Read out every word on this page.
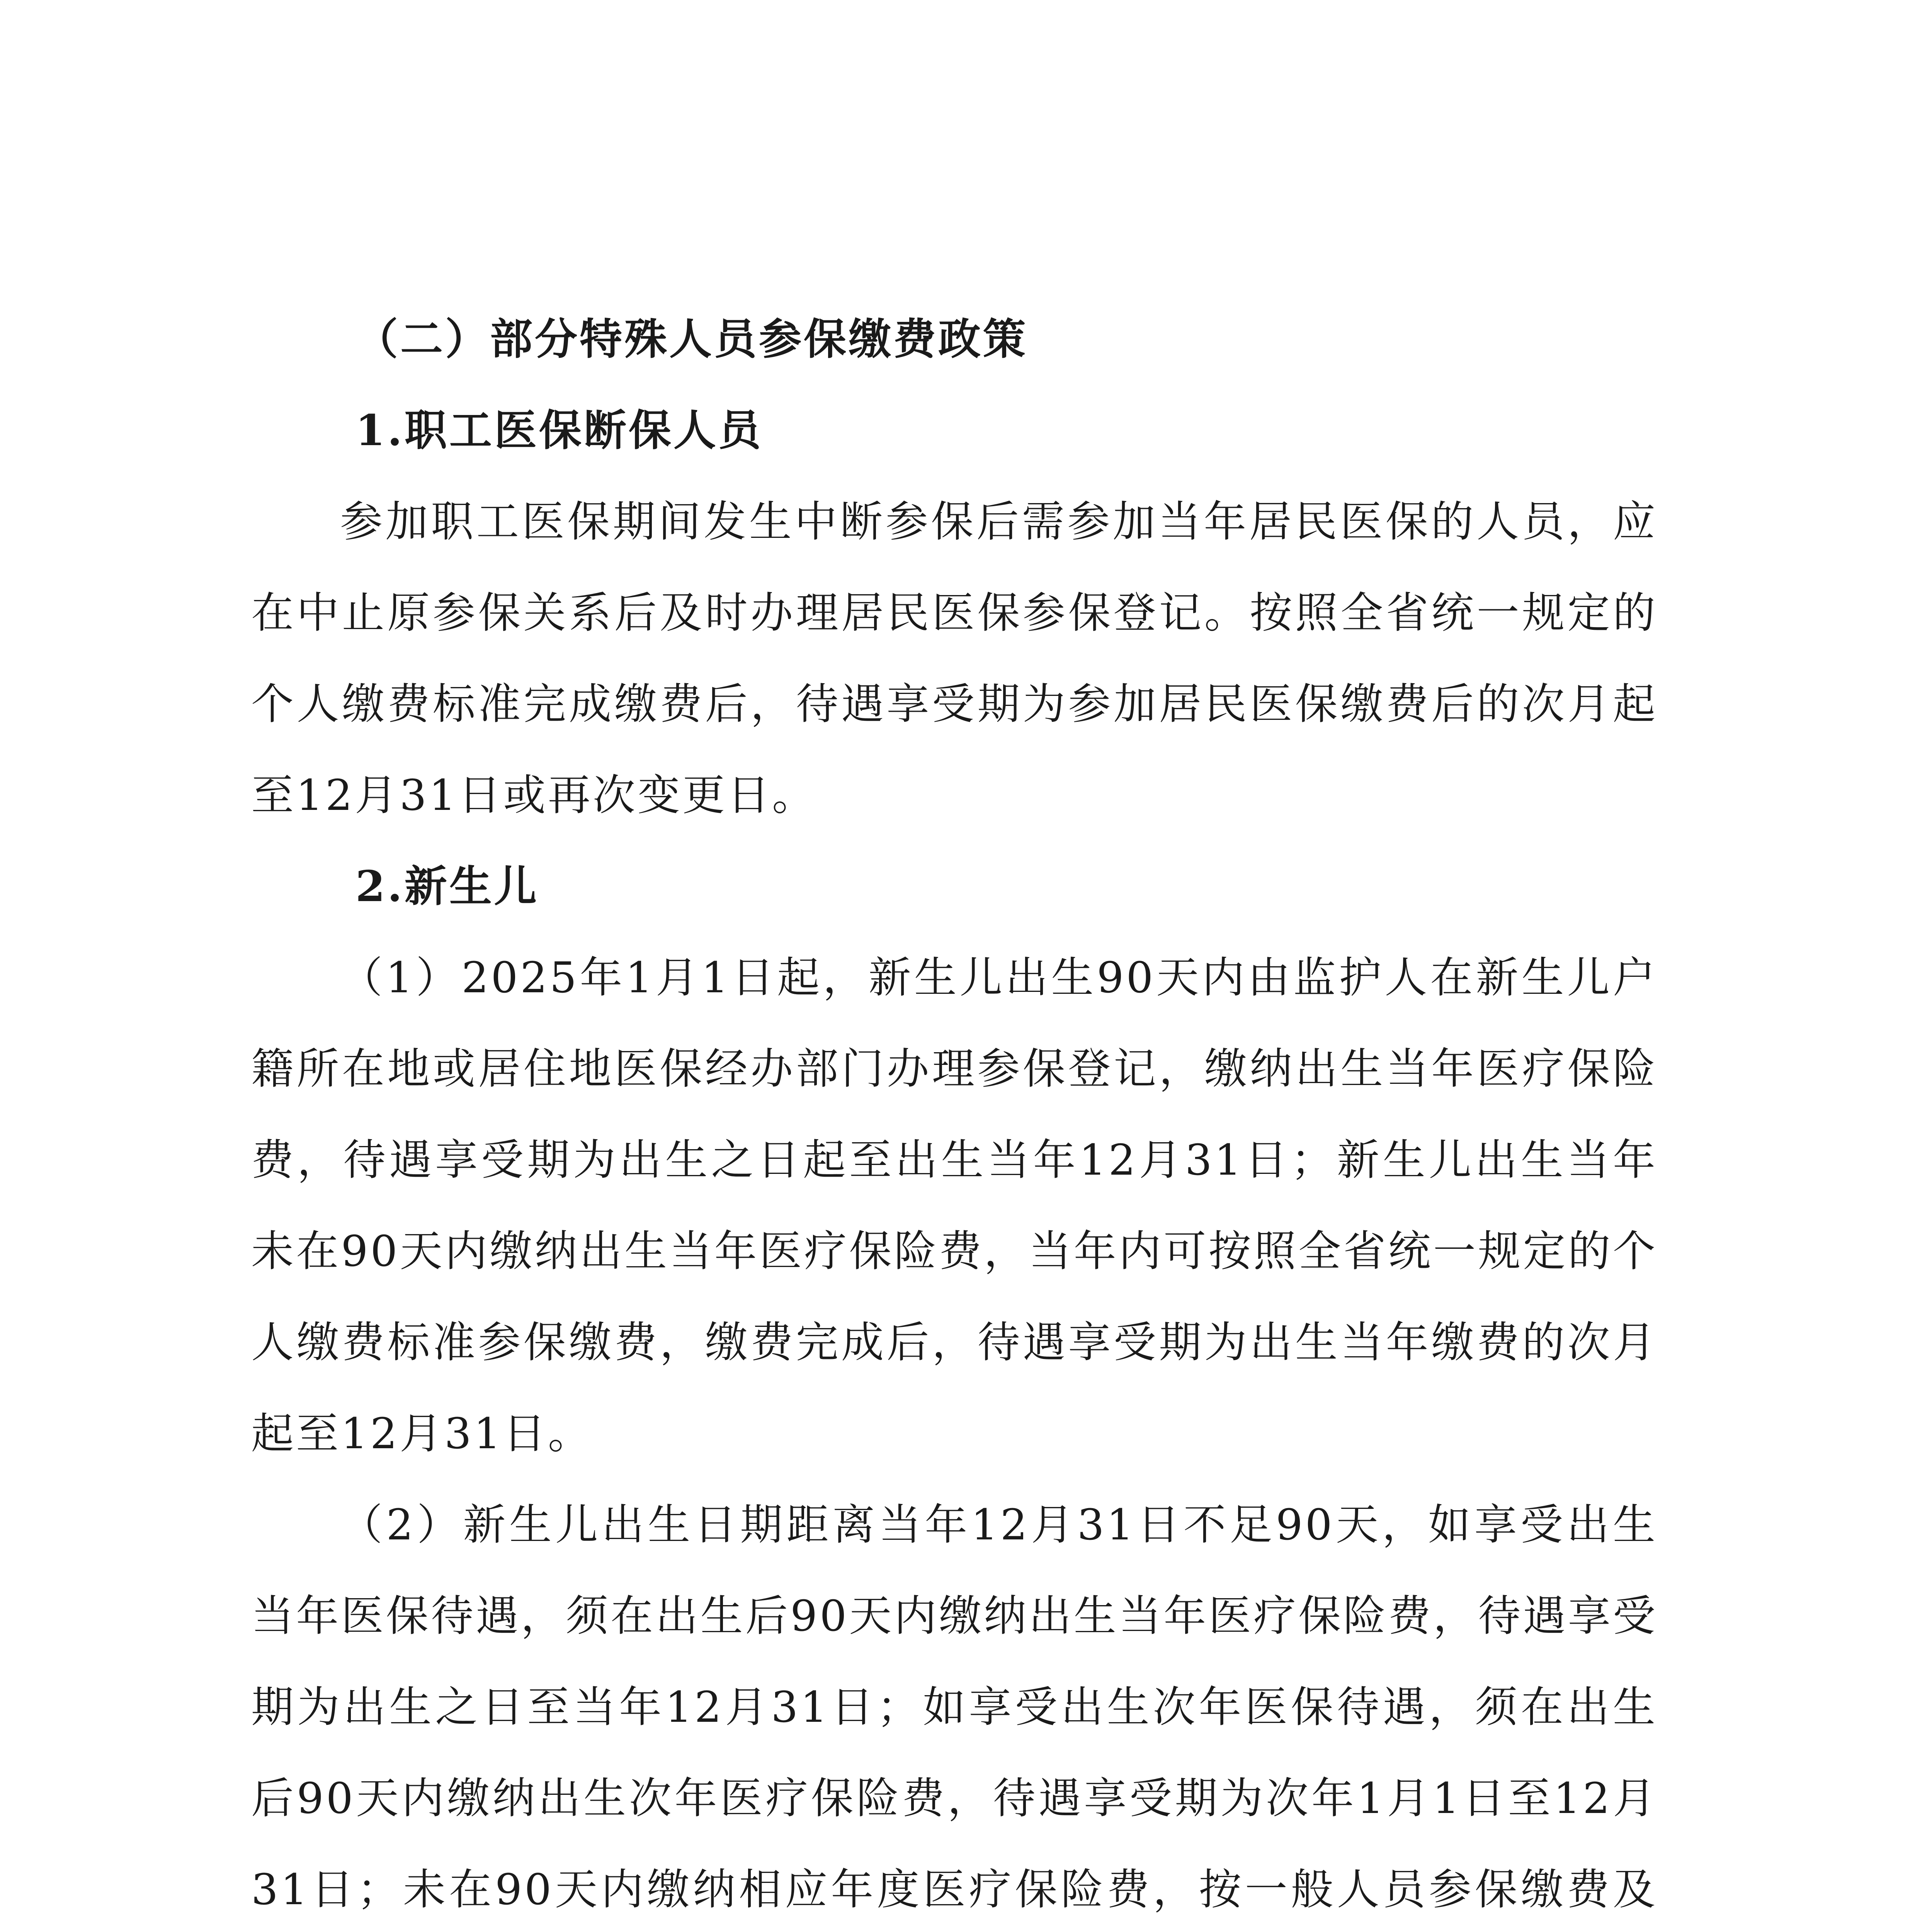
（二）部分特殊人员参保缴费政策

1.职工医保断保人员

参加职工医保期间发生中断参保后需参加当年居民医保的人员，应在中止原参保关系后及时办理居民医保参保登记。按照全省统一规定的个人缴费标准完成缴费后，待遇享受期为参加居民医保缴费后的次月起至12月31日或再次变更日。

2.新生儿

（1）2025年1月1日起，新生儿出生90天内由监护人在新生儿户籍所在地或居住地医保经办部门办理参保登记，缴纳出生当年医疗保险费，待遇享受期为出生之日起至出生当年12月31日；新生儿出生当年未在90天内缴纳出生当年医疗保险费，当年内可按照全省统一规定的个人缴费标准参保缴费，缴费完成后，待遇享受期为出生当年缴费的次月起至12月31日。

（2）新生儿出生日期距离当年12月31日不足90天，如享受出生当年医保待遇，须在出生后90天内缴纳出生当年医疗保险费，待遇享受期为出生之日至当年12月31日；如享受出生次年医保待遇，须在出生后90天内缴纳出生次年医疗保险费，待遇享受期为次年1月1日至12月31日；未在90天内缴纳相应年度医疗保险费，按一般人员参保缴费及
